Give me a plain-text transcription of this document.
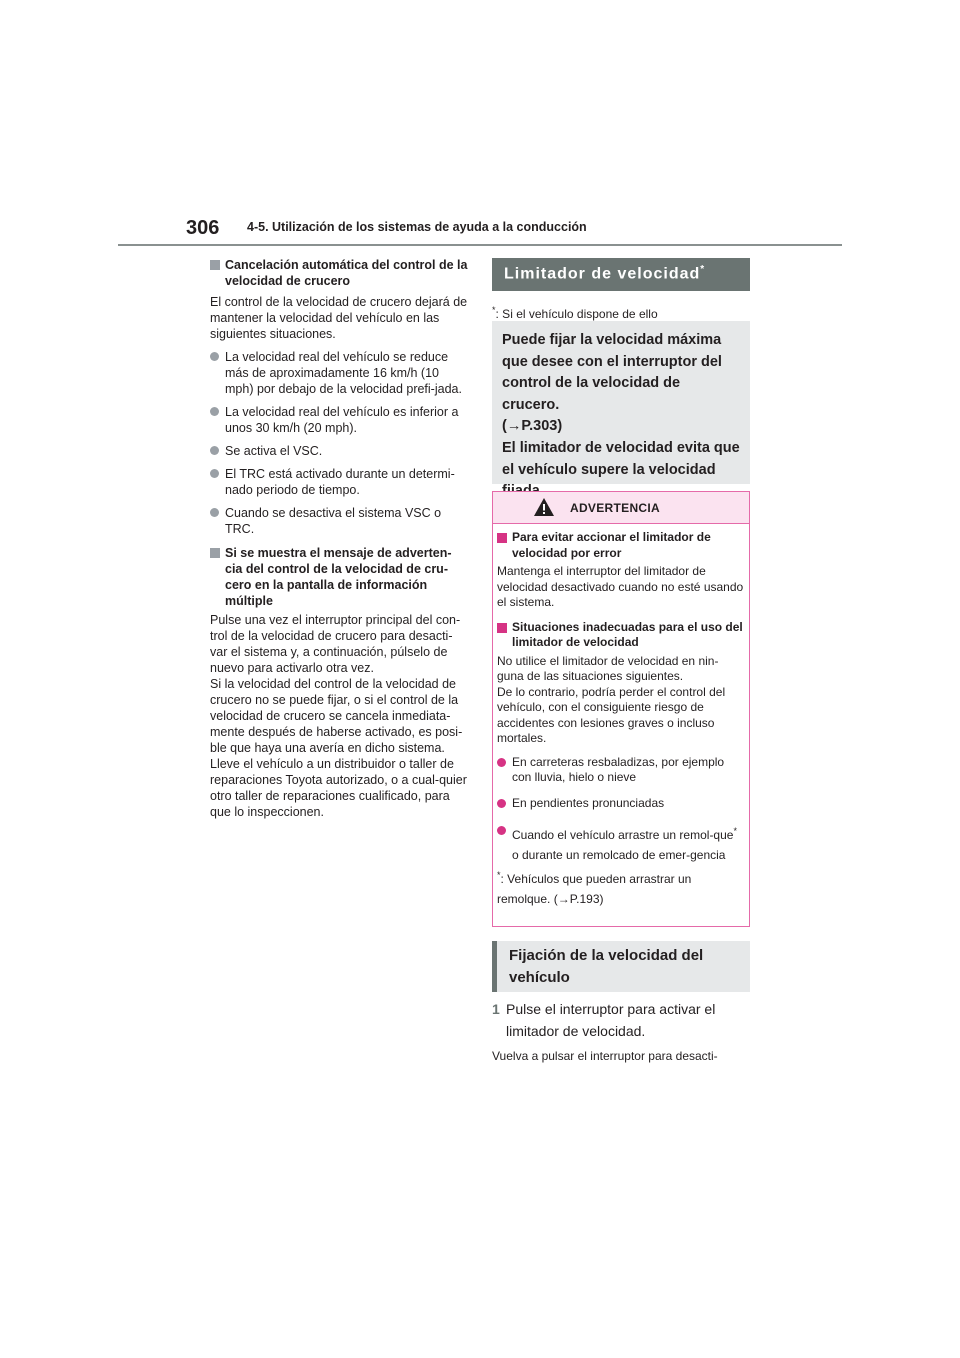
306 4-5. Utilización de los sistemas de ayuda a la conducción
Cancelación automática del control de la velocidad de crucero

El control de la velocidad de crucero dejará de mantener la velocidad del vehículo en las siguientes situaciones.

La velocidad real del vehículo se reduce más de aproximadamente 16 km/h (10 mph) por debajo de la velocidad prefi-jada.
La velocidad real del vehículo es inferior a unos 30 km/h (20 mph).
Se activa el VSC.
El TRC está activado durante un determi-nado periodo de tiempo.
Cuando se desactiva el sistema VSC o TRC.
Si se muestra el mensaje de adverten-cia del control de la velocidad de cru-cero en la pantalla de información múltiple

Pulse una vez el interruptor principal del con-trol de la velocidad de crucero para desacti-var el sistema y, a continuación, púlselo de nuevo para activarlo otra vez.
Si la velocidad del control de la velocidad de crucero no se puede fijar, o si el control de la velocidad de crucero se cancela inmediata-mente después de haberse activado, es posi-ble que haya una avería en dicho sistema. Lleve el vehículo a un distribuidor o taller de reparaciones Toyota autorizado, o a cual-quier otro taller de reparaciones cualificado, para que lo inspeccionen.

Limitador de velocidad*
*: Si el vehículo dispone de ello
Puede fijar la velocidad máxima
que desee con el interruptor del
control de la velocidad de crucero.
(→P.303)
El limitador de velocidad evita que
el vehículo supere la velocidad
ADVERTENCIA
Para evitar accionar el limitador de velocidad por error

Mantenga el interruptor del limitador de velocidad desactivado cuando no esté usando el sistema.

Situaciones inadecuadas para el uso del limitador de velocidad

No utilice el limitador de velocidad en nin-guna de las situaciones siguientes.
De lo contrario, podría perder el control del vehículo, con el consiguiente riesgo de accidentes con lesiones graves o incluso mortales.

En carreteras resbaladizas, por ejemplo con lluvia, hielo o nieve
En pendientes pronunciadas
Cuando el vehículo arrastre un remol-que* o durante un remolcado de emer-gencia
*: Vehículos que pueden arrastrar un remolque. (→P.193)
Fijación de la velocidad del vehículo
1 Pulse el interruptor para activar el limitador de velocidad.
Vuelva a pulsar el interruptor para desacti-
